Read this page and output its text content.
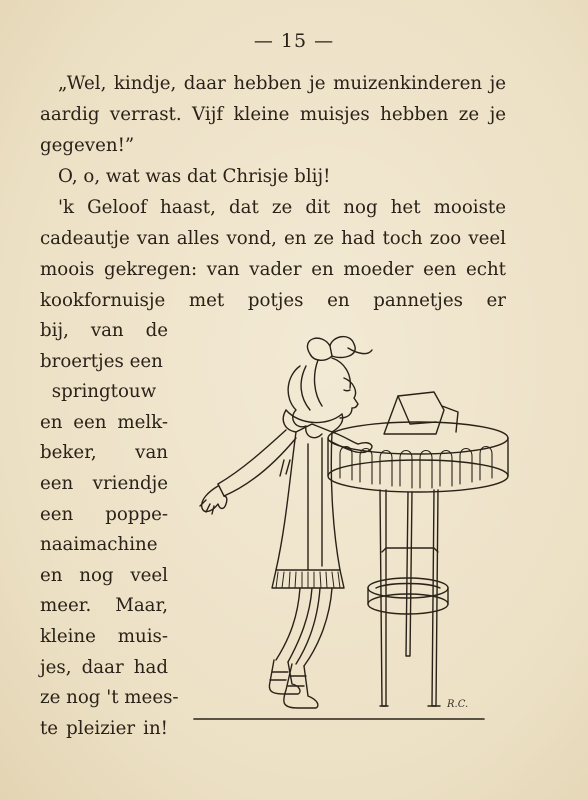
— 15 —

„Wel, kindje, daar hebben je muizenkinderen je aardig verrast. Vijf kleine muisjes hebben ze je gegeven!”

O, o, wat was dat Chrisje blij!

'k Geloof haast, dat ze dit nog het mooiste cadeautje van alles vond, en ze had toch zoo veel moois gekregen: van vader en moeder een echt kookfornuisje met potjes en pannetjes er

bij, van de
broertjes een
springtouw
en een melk-
beker, van
een vriendje
een poppe-
naaimachine
en nog veel
meer. Maar,
kleine muis-
jes, daar had
ze nog 't mees-
te pleizier in!
R.C.
